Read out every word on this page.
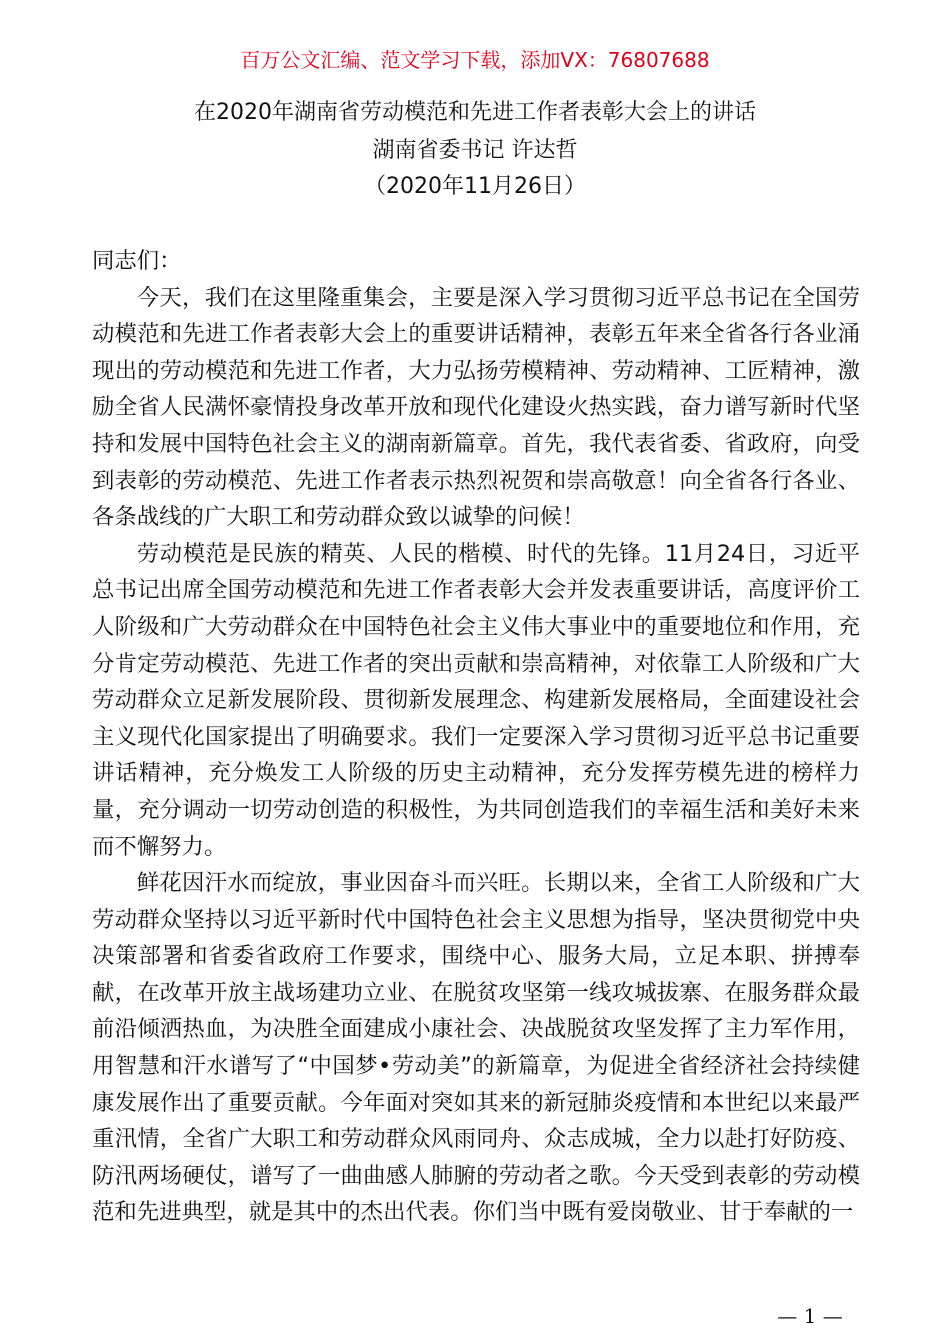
百万公文汇编、范文学习下载，添加VX：76807688
在2020年湖南省劳动模范和先进工作者表彰大会上的讲话
湖南省委书记 许达哲
（2020年11月26日）

同志们：

今天，我们在这里隆重集会，主要是深入学习贯彻习近平总书记在全国劳动模范和先进工作者表彰大会上的重要讲话精神，表彰五年来全省各行各业涌现出的劳动模范和先进工作者，大力弘扬劳模精神、劳动精神、工匠精神，激励全省人民满怀豪情投身改革开放和现代化建设火热实践，奋力谱写新时代坚持和发展中国特色社会主义的湖南新篇章。首先，我代表省委、省政府，向受到表彰的劳动模范、先进工作者表示热烈祝贺和崇高敬意！向全省各行各业、各条战线的广大职工和劳动群众致以诚挚的问候！

劳动模范是民族的精英、人民的楷模、时代的先锋。11月24日，习近平总书记出席全国劳动模范和先进工作者表彰大会并发表重要讲话，高度评价工人阶级和广大劳动群众在中国特色社会主义伟大事业中的重要地位和作用，充分肯定劳动模范、先进工作者的突出贡献和崇高精神，对依靠工人阶级和广大劳动群众立足新发展阶段、贯彻新发展理念、构建新发展格局，全面建设社会主义现代化国家提出了明确要求。我们一定要深入学习贯彻习近平总书记重要讲话精神，充分焕发工人阶级的历史主动精神，充分发挥劳模先进的榜样力量，充分调动一切劳动创造的积极性，为共同创造我们的幸福生活和美好未来而不懈努力。

鲜花因汗水而绽放，事业因奋斗而兴旺。长期以来，全省工人阶级和广大劳动群众坚持以习近平新时代中国特色社会主义思想为指导，坚决贯彻党中央决策部署和省委省政府工作要求，围绕中心、服务大局，立足本职、拼搏奉献，在改革开放主战场建功立业、在脱贫攻坚第一线攻城拔寨、在服务群众最前沿倾洒热血，为决胜全面建成小康社会、决战脱贫攻坚发挥了主力军作用，用智慧和汗水谱写了“中国梦•劳动美”的新篇章，为促进全省经济社会持续健康发展作出了重要贡献。今年面对突如其来的新冠肺炎疫情和本世纪以来最严重汛情，全省广大职工和劳动群众风雨同舟、众志成城，全力以赴打好防疫、防汛两场硬仗，谱写了一曲曲感人肺腑的劳动者之歌。今天受到表彰的劳动模范和先进典型，就是其中的杰出代表。你们当中既有爱岗敬业、甘于奉献的一

— 1 —
